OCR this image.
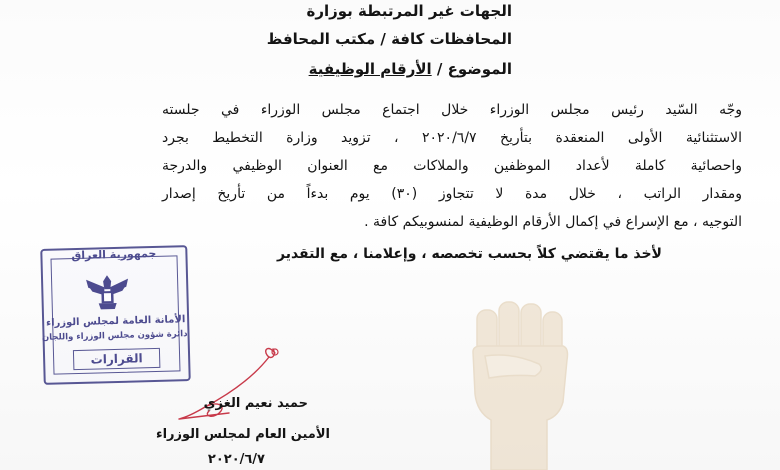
الجهات غير المرتبطة بوزارة
المحافظات كافة / مكتب المحافظ
الموضوع / الأرقام الوظيفية
وجّه السّيد رئيس مجلس الوزراء خلال اجتماع مجلس الوزراء في جلسته
الاستثنائية الأولى المنعقدة بتأريخ ٢٠٢٠/٦/٧ ، تزويد وزارة التخطيط بجرد
واحصائية كاملة لأعداد الموظفين والملاكات مع العنوان الوظيفي والدرجة
ومقدار الراتب ، خلال مدة لا تتجاوز (٣٠) يوم بدءاً من تأريخ إصدار
التوجيه ، مع الإسراع في إكمال الأرقام الوظيفية لمنسوبيكم كافة .
لأخذ ما يقتضي كلاً بحسب تخصصه ، وإعلامنا ، مع التقدير
جمهورية العراق
الأمانة العامة لمجلس الوزراء
دائرة شؤون مجلس الوزراء واللجان
القرارات
حميد نعيم الغزي
الأمين العام لمجلس الوزراء
٢٠٢٠/٦/٧
